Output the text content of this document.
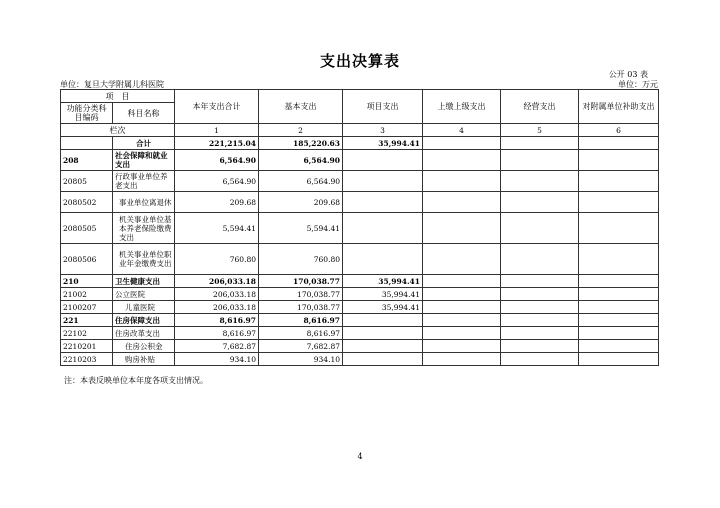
支出决算表
公开 03 表
单位：复旦大学附属儿科医院	单位：万元
项　目		本年支出合计	基本支出	项目支出	上缴上级支出	经营支出	对附属单位补助支出
功能分类科目编码	科目名称						
栏次		1	2	3	4	5	6
	合计	221,215.04	185,220.63	35,994.41			
208	社会保障和就业支出	6,564.90	6,564.90				
20805	行政事业单位养老支出	6,564.90	6,564.90				
2080502	事业单位离退休	209.68	209.68				
2080505	机关事业单位基本养老保险缴费支出	5,594.41	5,594.41				
2080506	机关事业单位职业年金缴费支出	760.80	760.80				
210	卫生健康支出	206,033.18	170,038.77	35,994.41			
21002	公立医院	206,033.18	170,038.77	35,994.41			
2100207	儿童医院	206,033.18	170,038.77	35,994.41			
221	住房保障支出	8,616.97	8,616.97				
22102	住房改革支出	8,616.97	8,616.97				
2210201	住房公积金	7,682.87	7,682.87				
2210203	购房补贴	934.10	934.10				
注：本表反映单位本年度各项支出情况。
4
